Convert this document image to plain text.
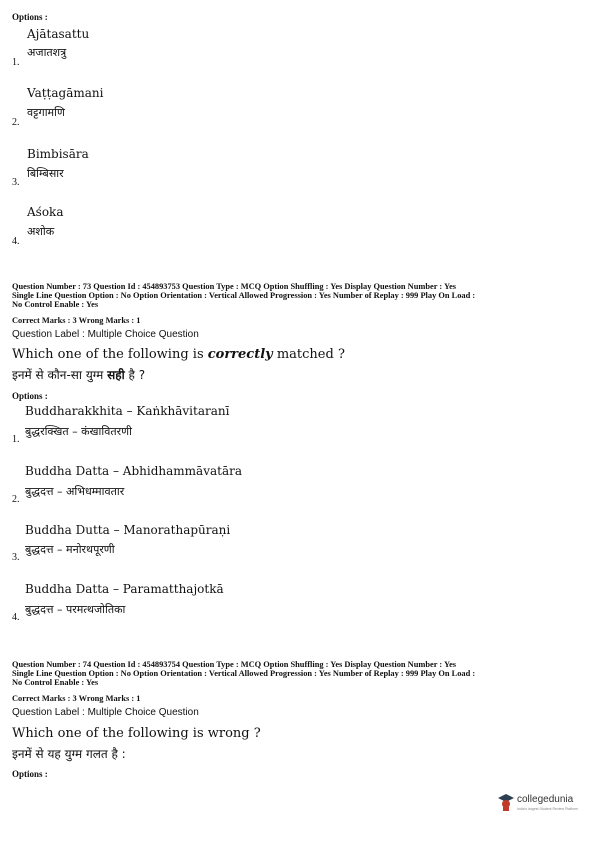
Options :
Ajātasattu
अजातशत्रु
1.
Vaṭṭagāmani
वट्टगामणि
2.
Bimbisāra
बिम्बिसार
3.
Aśoka
अशोक
4.
Question Number : 73 Question Id : 454893753 Question Type : MCQ Option Shuffling : Yes Display Question Number : Yes
Single Line Question Option : No Option Orientation : Vertical Allowed Progression : Yes Number of Replay : 999 Play On Load :
No Control Enable : Yes
Correct Marks : 3 Wrong Marks : 1
Question Label : Multiple Choice Question
Which one of the following is correctly matched ?
इनमें से कौन-सा युग्म सही है ?
Options :
Buddharakkhita – Kaṅkhāvitaranī
बुद्धरक्खित – कंखावितरणी
1.
Buddha Datta – Abhidhammāvatāra
बुद्धदत्त – अभिधम्मावतार
2.
Buddha Dutta – Manorathapūraṇi
बुद्धदत्त – मनोरथपूरणी
3.
Buddha Datta – Paramatthajotkā
बुद्धदत्त – परमत्थजोतिका
4.
Question Number : 74 Question Id : 454893754 Question Type : MCQ Option Shuffling : Yes Display Question Number : Yes
Single Line Question Option : No Option Orientation : Vertical Allowed Progression : Yes Number of Replay : 999 Play On Load :
No Control Enable : Yes
Correct Marks : 3 Wrong Marks : 1
Question Label : Multiple Choice Question
Which one of the following is wrong ?
इनमें से यह युग्म गलत है :
Options :
collegedunia
India's largest Student Review Platform
